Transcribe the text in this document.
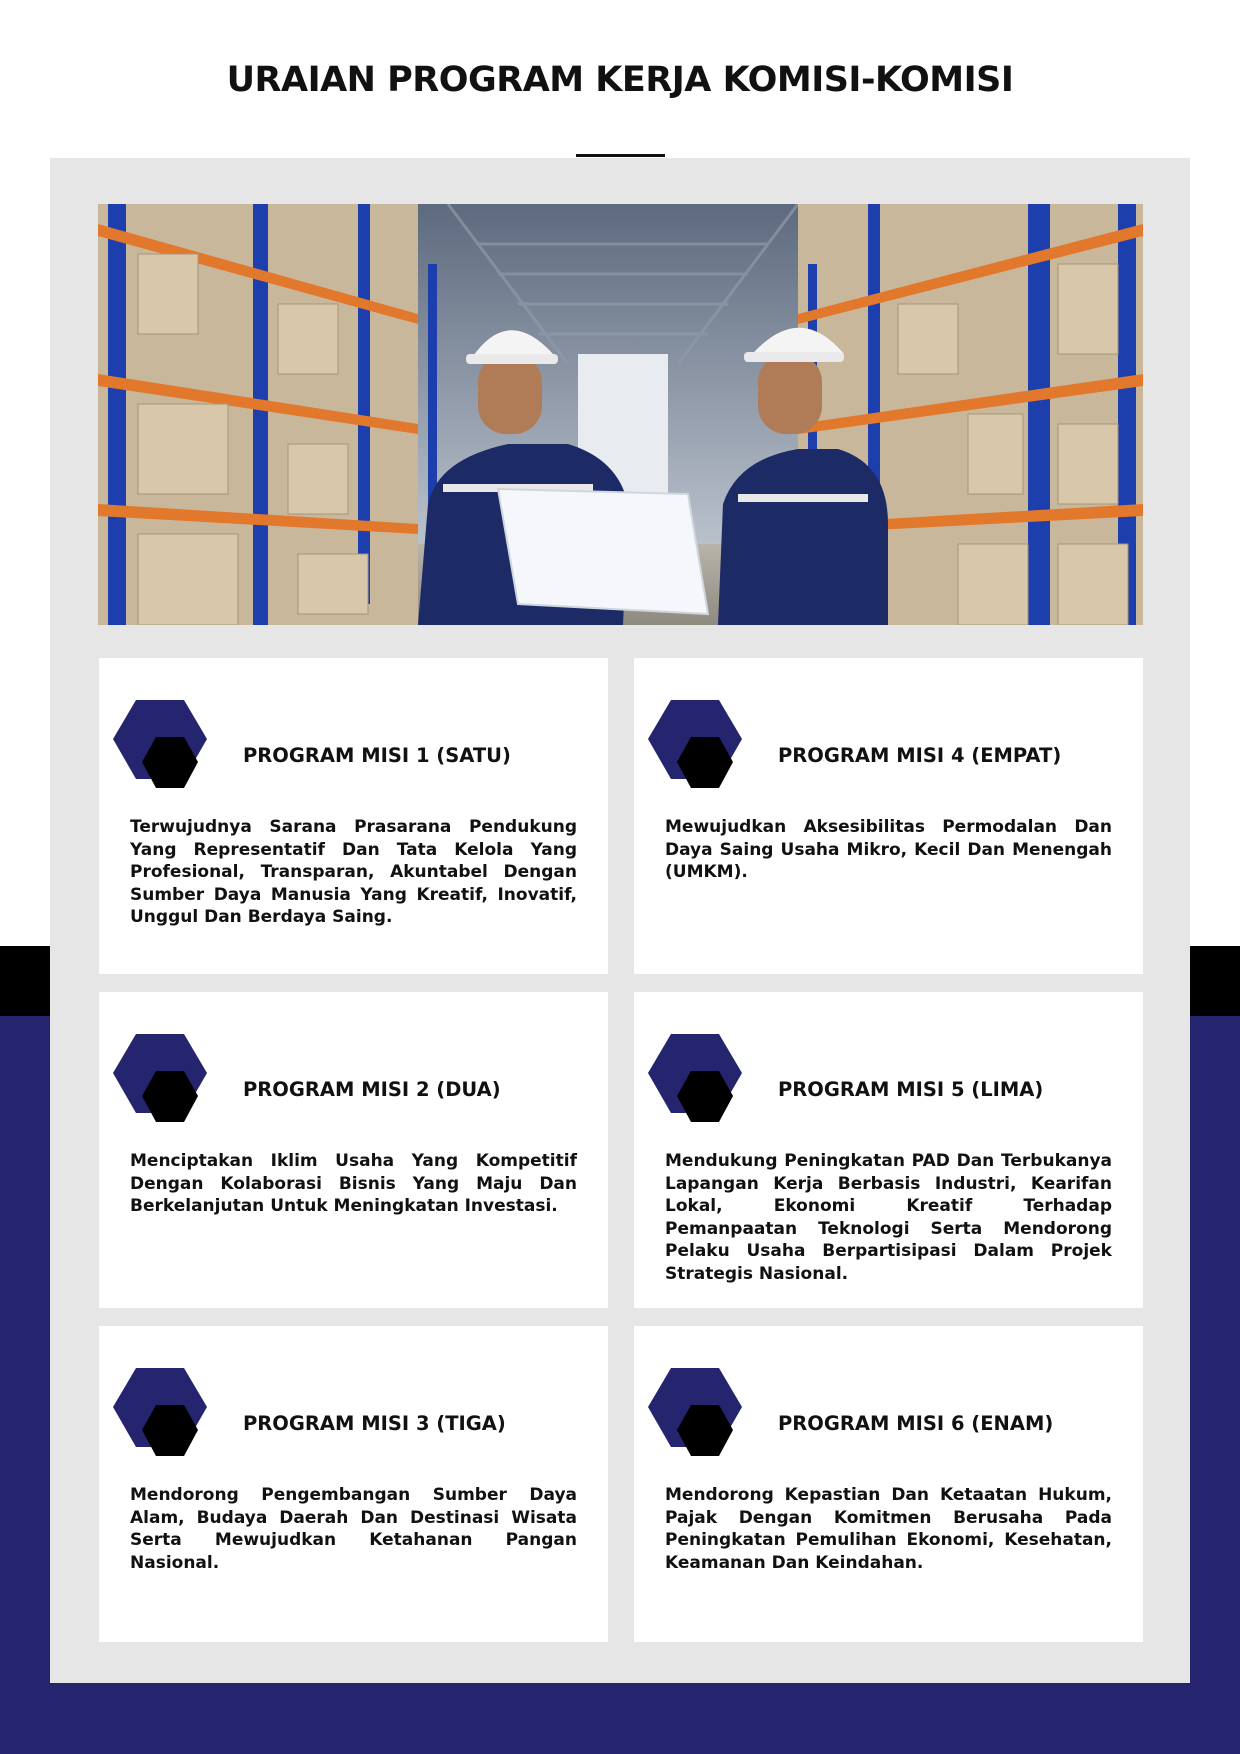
URAIAN PROGRAM KERJA KOMISI-KOMISI
PROGRAM MISI 1 (SATU)
Terwujudnya Sarana Prasarana Pendukung Yang Representatif Dan Tata Kelola Yang Profesional, Transparan, Akuntabel Dengan Sumber Daya Manusia Yang Kreatif, Inovatif, Unggul Dan Berdaya Saing.
PROGRAM MISI 4 (EMPAT)
Mewujudkan Aksesibilitas Permodalan Dan Daya Saing Usaha Mikro, Kecil Dan Menengah (UMKM).
PROGRAM MISI 2 (DUA)
Menciptakan Iklim Usaha Yang Kompetitif Dengan Kolaborasi Bisnis Yang Maju Dan Berkelanjutan Untuk Meningkatan Investasi.
PROGRAM MISI 5 (LIMA)
Mendukung Peningkatan PAD Dan Terbukanya Lapangan Kerja Berbasis Industri, Kearifan Lokal, Ekonomi Kreatif Terhadap Pemanpaatan Teknologi Serta Mendorong Pelaku Usaha Berpartisipasi Dalam Projek Strategis Nasional.
PROGRAM MISI 3 (TIGA)
Mendorong Pengembangan Sumber Daya Alam, Budaya Daerah Dan Destinasi Wisata Serta Mewujudkan Ketahanan Pangan Nasional.
PROGRAM MISI 6 (ENAM)
Mendorong Kepastian Dan Ketaatan Hukum, Pajak Dengan Komitmen Berusaha Pada Peningkatan Pemulihan Ekonomi, Kesehatan, Keamanan Dan Keindahan.
